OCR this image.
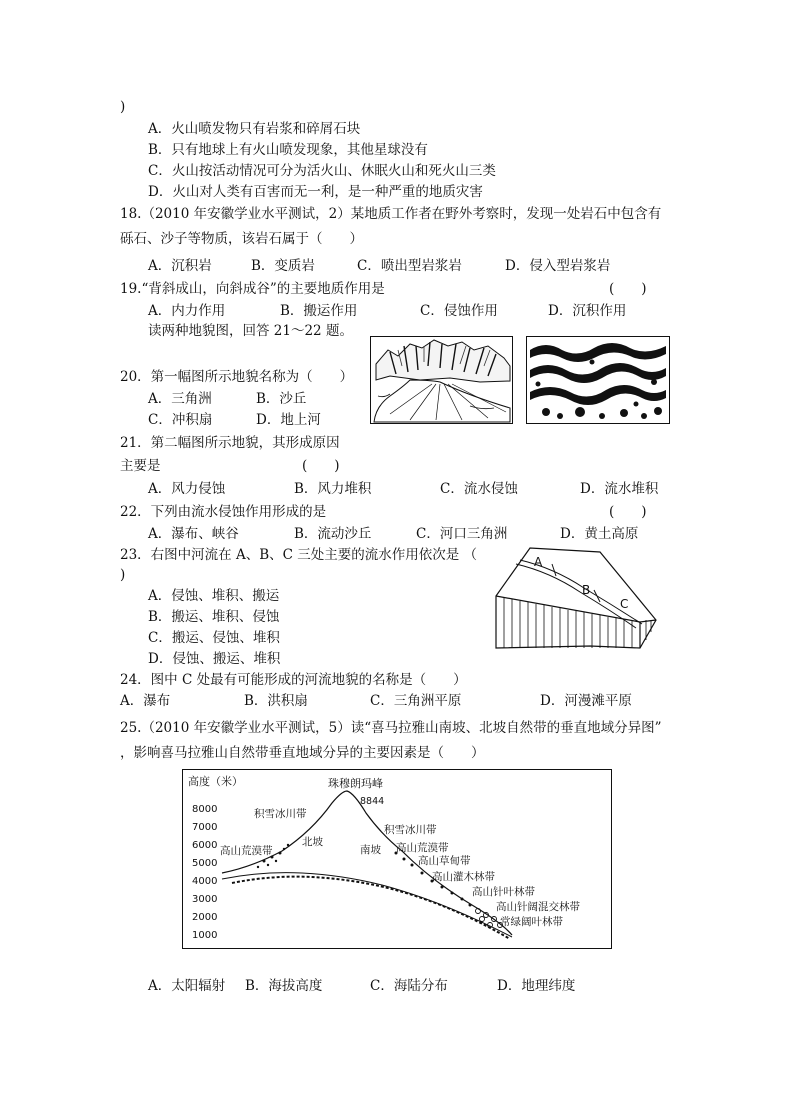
)
A．火山喷发物只有岩浆和碎屑石块
B．只有地球上有火山喷发现象，其他星球没有
C．火山按活动情况可分为活火山、休眠火山和死火山三类
D．火山对人类有百害而无一利，是一种严重的地质灾害
18.（2010 年安徽学业水平测试，2）某地质工作者在野外考察时，发现一处岩石中包含有
砾石、沙子等物质，该岩石属于（　　）
A．沉积岩	B．变质岩	C．喷出型岩浆岩	D．侵入型岩浆岩
19.“背斜成山，向斜成谷”的主要地质作用是	(　　)
A．内力作用	B．搬运作用	C．侵蚀作用	D．沉积作用
读两种地貌图，回答 21～22 题。
20．第一幅图所示地貌名称为（　　）
A．三角洲	B．沙丘
C．冲积扇	D．地上河
21．第二幅图所示地貌，其形成原因
主要是	(　　)
A．风力侵蚀	B．风力堆积	C．流水侵蚀	D．流水堆积
22．下列由流水侵蚀作用形成的是	(　　)
A．瀑布、峡谷	B．流动沙丘	C．河口三角洲	D．黄土高原
23．右图中河流在 A、B、C 三处主要的流水作用依次是 （
)
A．侵蚀、堆积、搬运
B．搬运、堆积、侵蚀
C．搬运、侵蚀、堆积
D．侵蚀、搬运、堆积
A
B
C
24．图中 C 处最有可能形成的河流地貌的名称是（　　）
A．瀑布	B．洪积扇	C．三角洲平原	D．河漫滩平原
25.（2010 年安徽学业水平测试，5）读“喜马拉雅山南坡、北坡自然带的垂直地域分异图”
，影响喜马拉雅山自然带垂直地域分异的主要因素是（　　）
高度（米）
8000
7000
6000
5000
4000
3000
2000
1000
珠穆朗玛峰
8844
积雪冰川带
北坡
高山荒漠带	南坡
积雪冰川带
高山荒漠带
高山草甸带
高山灌木林带
高山针叶林带
高山针阔混交林带
常绿阔叶林带
A．太阳辐射 B．海拔高度	C．海陆分布	D．地理纬度
